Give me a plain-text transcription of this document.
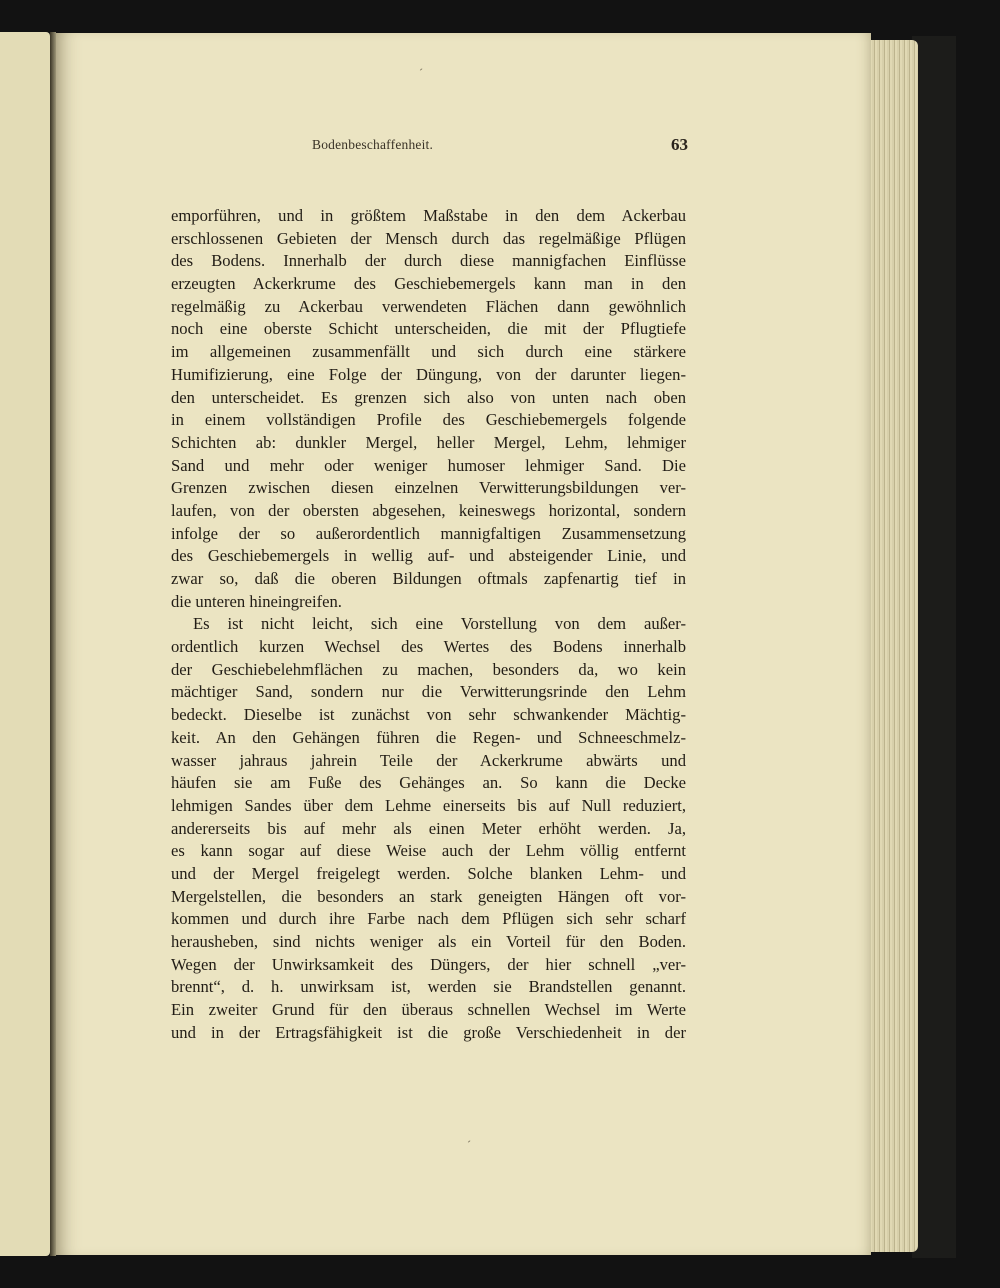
´
´
Bodenbeschaffenheit.	63
emporführen, und in größtem Maßstabe in den dem Ackerbau
erschlossenen Gebieten der Mensch durch das regelmäßige Pflügen
des Bodens. Innerhalb der durch diese mannigfachen Einflüsse
erzeugten Ackerkrume des Geschiebemergels kann man in den
regelmäßig zu Ackerbau verwendeten Flächen dann gewöhnlich
noch eine oberste Schicht unterscheiden, die mit der Pflugtiefe
im allgemeinen zusammenfällt und sich durch eine stärkere
Humifizierung, eine Folge der Düngung, von der darunter liegen-
den unterscheidet. Es grenzen sich also von unten nach oben
in einem vollständigen Profile des Geschiebemergels folgende
Schichten ab: dunkler Mergel, heller Mergel, Lehm, lehmiger
Sand und mehr oder weniger humoser lehmiger Sand. Die
Grenzen zwischen diesen einzelnen Verwitterungsbildungen ver-
laufen, von der obersten abgesehen, keineswegs horizontal, sondern
infolge der so außerordentlich mannigfaltigen Zusammensetzung
des Geschiebemergels in wellig auf- und absteigender Linie, und
zwar so, daß die oberen Bildungen oftmals zapfenartig tief in
die unteren hineingreifen.
Es ist nicht leicht, sich eine Vorstellung von dem außer-
ordentlich kurzen Wechsel des Wertes des Bodens innerhalb
der Geschiebelehmflächen zu machen, besonders da, wo kein
mächtiger Sand, sondern nur die Verwitterungsrinde den Lehm
bedeckt. Dieselbe ist zunächst von sehr schwankender Mächtig-
keit. An den Gehängen führen die Regen- und Schneeschmelz-
wasser jahraus jahrein Teile der Ackerkrume abwärts und
häufen sie am Fuße des Gehänges an. So kann die Decke
lehmigen Sandes über dem Lehme einerseits bis auf Null reduziert,
andererseits bis auf mehr als einen Meter erhöht werden. Ja,
es kann sogar auf diese Weise auch der Lehm völlig entfernt
und der Mergel freigelegt werden. Solche blanken Lehm- und
Mergelstellen, die besonders an stark geneigten Hängen oft vor-
kommen und durch ihre Farbe nach dem Pflügen sich sehr scharf
herausheben, sind nichts weniger als ein Vorteil für den Boden.
Wegen der Unwirksamkeit des Düngers, der hier schnell „ver-
brennt“, d. h. unwirksam ist, werden sie Brandstellen genannt.
Ein zweiter Grund für den überaus schnellen Wechsel im Werte
und in der Ertragsfähigkeit ist die große Verschiedenheit in der
